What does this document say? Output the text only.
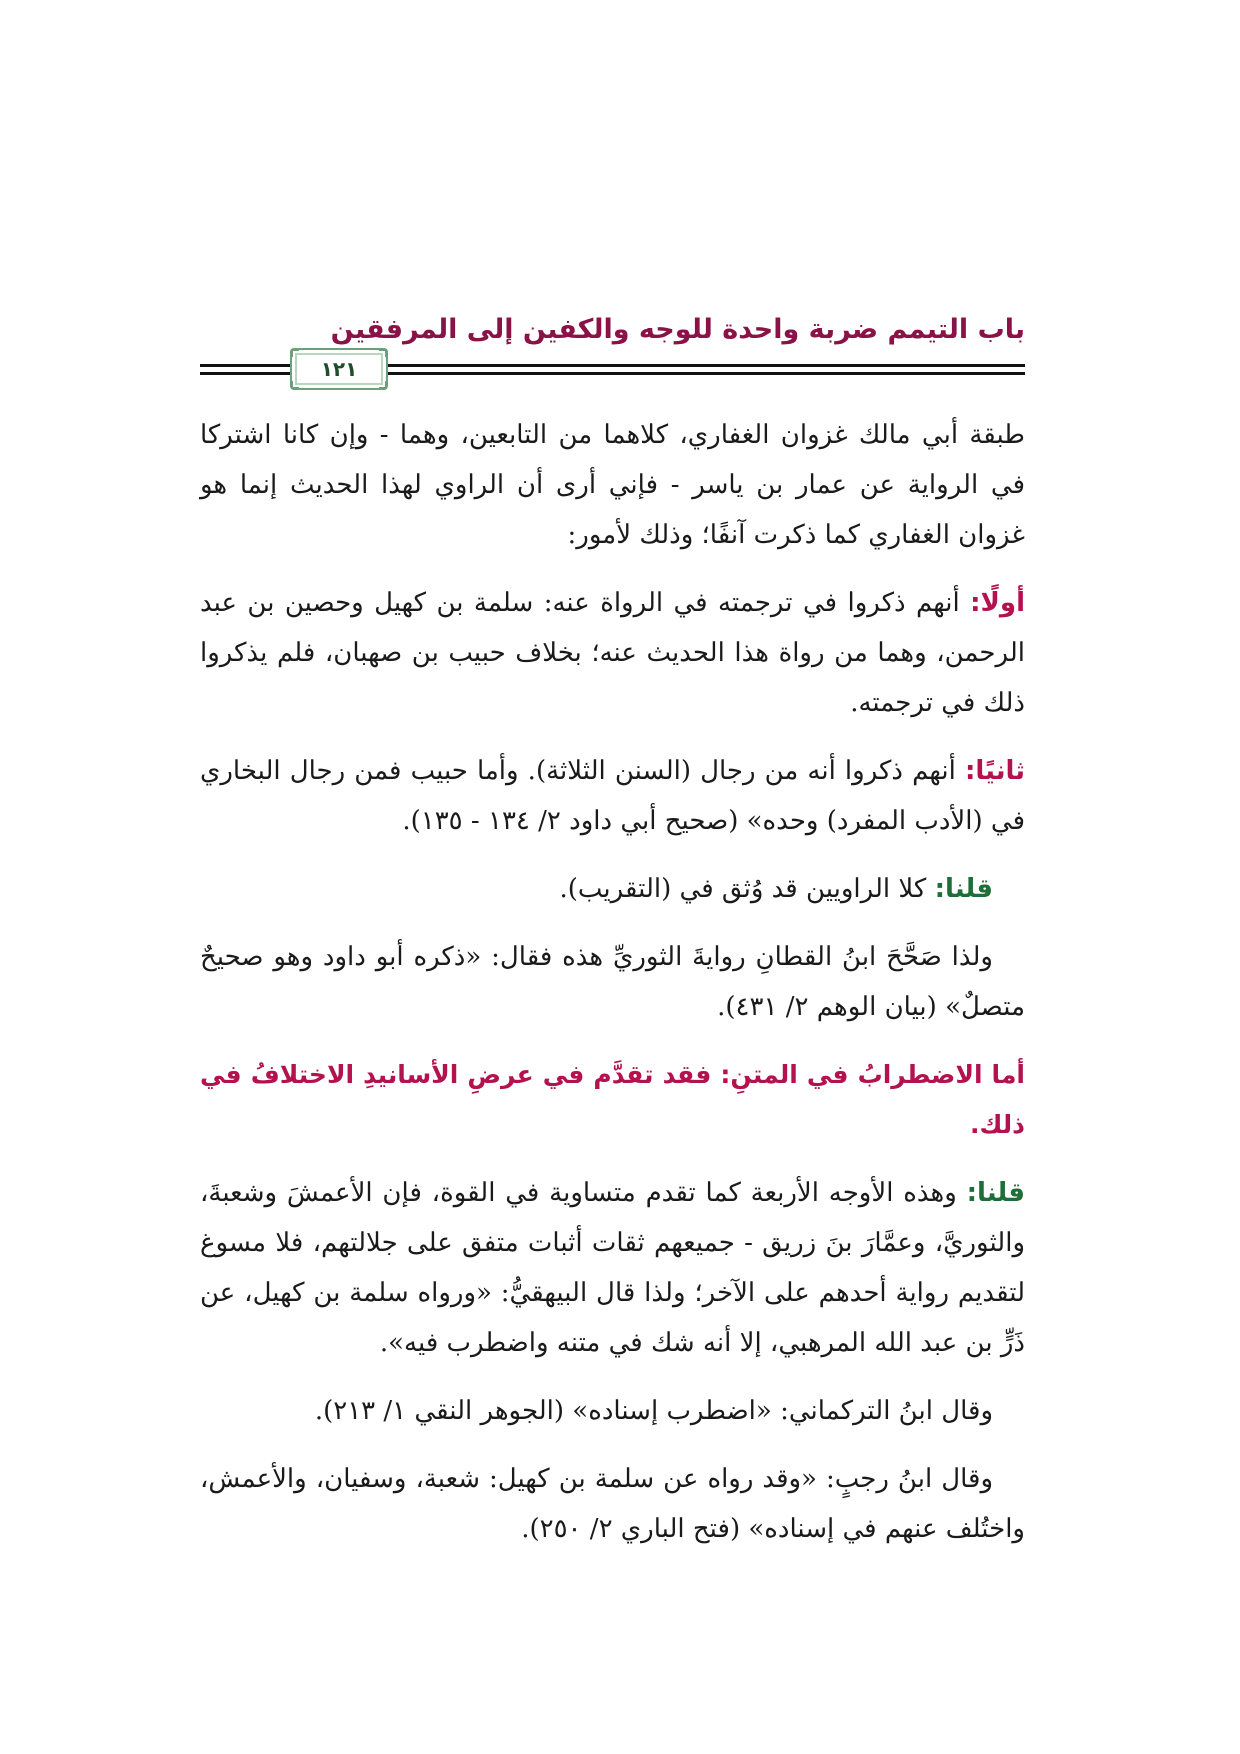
باب التيمم ضربة واحدة للوجه والكفين إلى المرفقين
١٢١

طبقة أبي مالك غزوان الغفاري، كلاهما من التابعين، وهما - وإن كانا اشتركا في الرواية عن عمار بن ياسر - فإني أرى أن الراوي لهذا الحديث إنما هو غزوان الغفاري كما ذكرت آنفًا؛ وذلك لأمور:

أولًا: أنهم ذكروا في ترجمته في الرواة عنه: سلمة بن كهيل وحصين بن عبد الرحمن، وهما من رواة هذا الحديث عنه؛ بخلاف حبيب بن صهبان، فلم يذكروا ذلك في ترجمته.

ثانيًا: أنهم ذكروا أنه من رجال (السنن الثلاثة). وأما حبيب فمن رجال البخاري في (الأدب المفرد) وحده» (صحيح أبي داود ٢/ ١٣٤ - ١٣٥).

قلنا: كلا الراويين قد وُثق في (التقريب).

ولذا صَحَّحَ ابنُ القطانِ روايةَ الثوريِّ هذه فقال: «ذكره أبو داود وهو صحيحٌ متصلٌ» (بيان الوهم ٢/ ٤٣١).

أما الاضطرابُ في المتنِ: فقد تقدَّم في عرضِ الأسانيدِ الاختلافُ في ذلك.

قلنا: وهذه الأوجه الأربعة كما تقدم متساوية في القوة، فإن الأعمشَ وشعبةَ، والثوريَّ، وعمَّارَ بنَ زريق - جميعهم ثقات أثبات متفق على جلالتهم، فلا مسوغ لتقديم رواية أحدهم على الآخر؛ ولذا قال البيهقيُّ: «ورواه سلمة بن كهيل، عن ذَرٍّ بن عبد الله المرهبي، إلا أنه شك في متنه واضطرب فيه».

وقال ابنُ التركماني: «اضطرب إسناده» (الجوهر النقي ١/ ٢١٣).

وقال ابنُ رجبٍ: «وقد رواه عن سلمة بن كهيل: شعبة، وسفيان، والأعمش، واختُلف عنهم في إسناده» (فتح الباري ٢/ ٢٥٠).
